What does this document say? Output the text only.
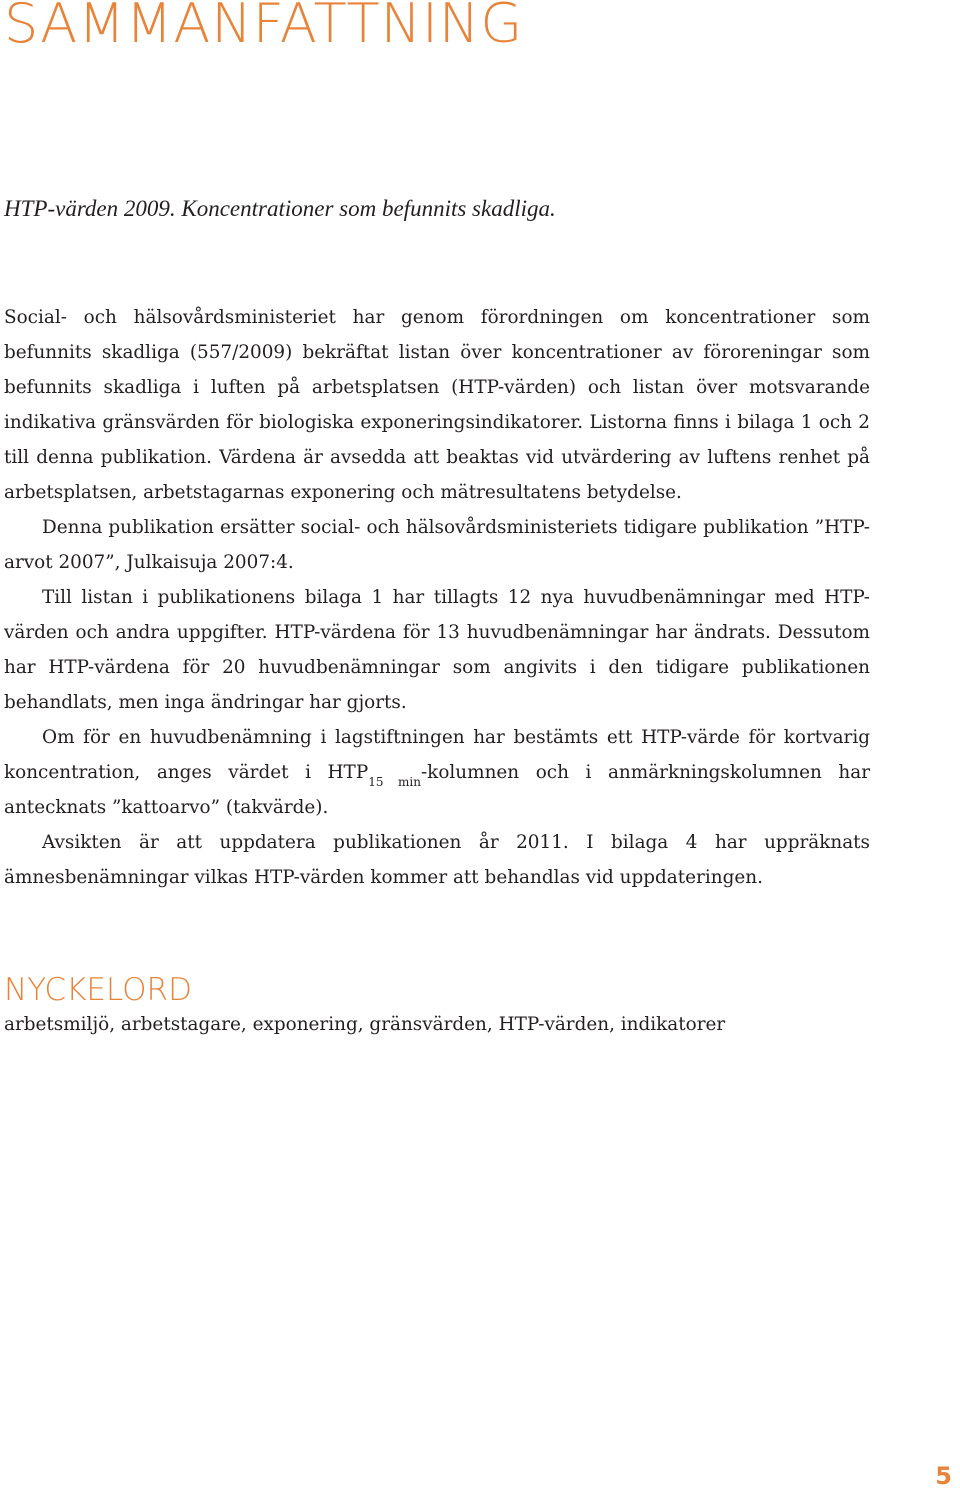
SAMMANFATTNING

HTP-värden 2009. Koncentrationer som befunnits skadliga.

Social- och hälsovårdsministeriet har genom förordningen om koncentrationer som befunnits skadliga (557/2009) bekräftat listan över koncentrationer av föroreningar som befunnits skadliga i luften på arbetsplatsen (HTP-värden) och listan över motsvarande indikativa gränsvärden för biologiska exponeringsindikatorer. Listorna finns i bilaga 1 och 2 till denna publikation. Värdena är avsedda att beaktas vid utvärdering av luftens renhet på arbetsplatsen, arbetstagarnas exponering och mätresultatens betydelse.

Denna publikation ersätter social- och hälsovårdsministeriets tidigare publikation ”HTP-arvot 2007”, Julkaisuja 2007:4.

Till listan i publikationens bilaga 1 har tillagts 12 nya huvudbenämningar med HTP-värden och andra uppgifter. HTP-värdena för 13 huvudbenämningar har ändrats. Dessutom har HTP-värdena för 20 huvudbenämningar som angivits i den tidigare publikationen behandlats, men inga ändringar har gjorts.

Om för en huvudbenämning i lagstiftningen har bestämts ett HTP-värde för kortvarig koncentration, anges värdet i $HTP_{15 min}$-kolumnen och i anmärkningskolumnen har antecknats ”kattoarvo” (takvärde).

Avsikten är att uppdatera publikationen år 2011. I bilaga 4 har uppräknats ämnesbenämningar vilkas HTP-värden kommer att behandlas vid uppdateringen.

NYCKELORD

arbetsmiljö, arbetstagare, exponering, gränsvärden, HTP-värden, indikatorer

5
